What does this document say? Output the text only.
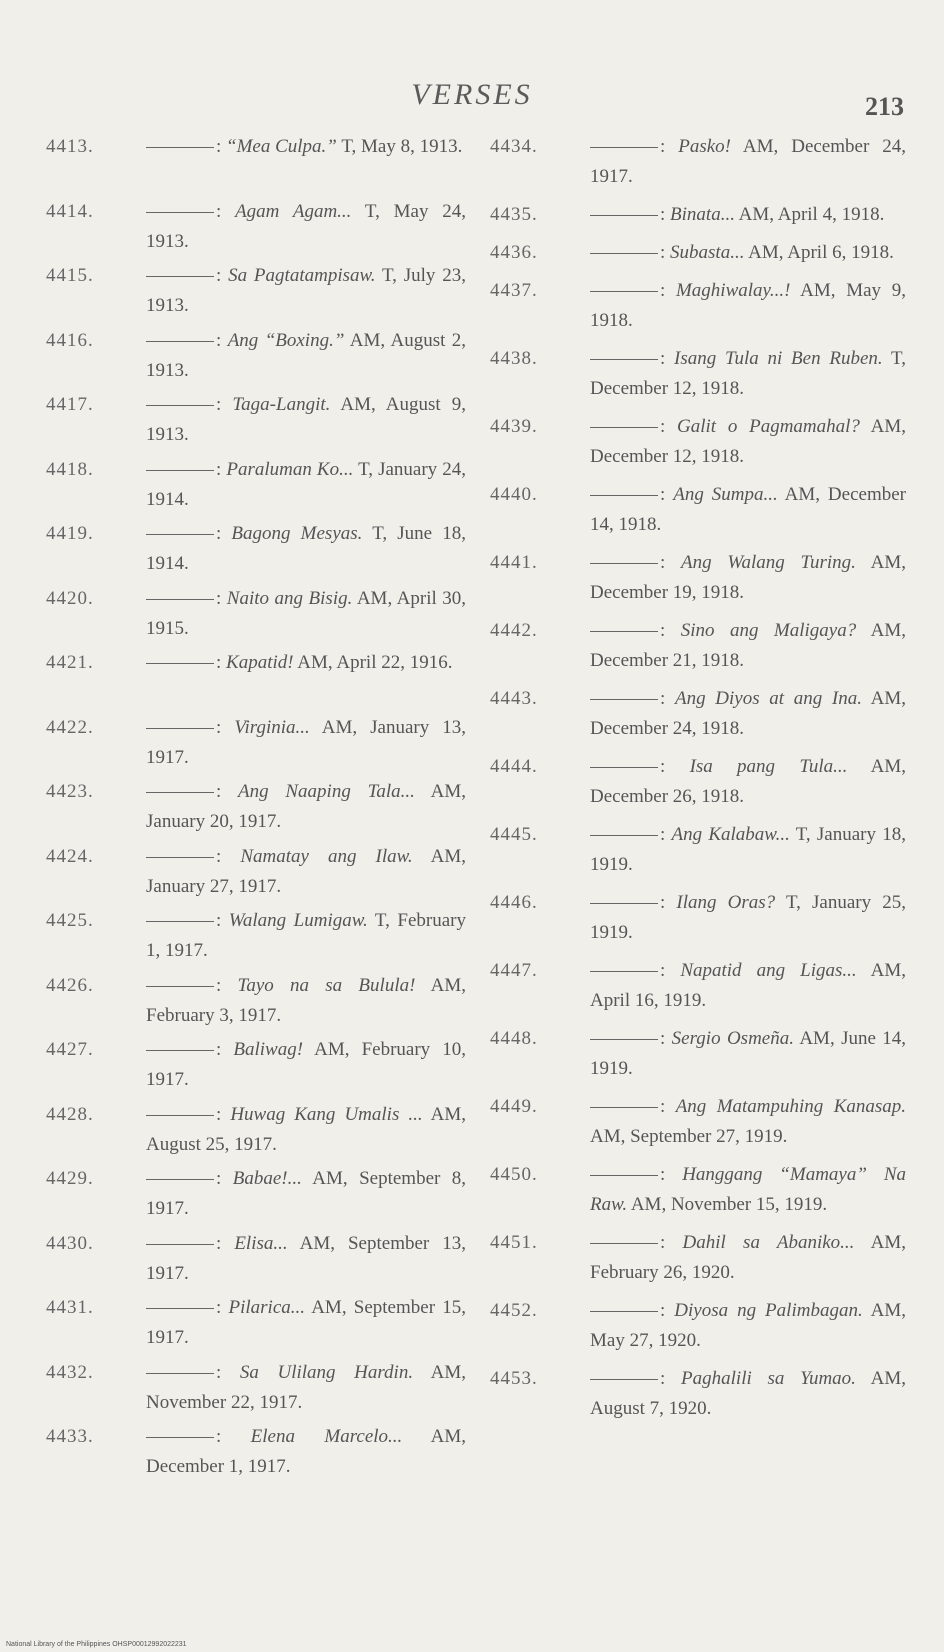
VERSES	213
4413.	: “Mea Culpa.” T, May 8, 1913.
4414.	: Agam Agam... T, May 24, 1913.
4415.	: Sa Pagtatampisaw. T, July 23, 1913.
4416.	: Ang “Boxing.” AM, August 2, 1913.
4417.	: Taga-Langit. AM, August 9, 1913.
4418.	: Paraluman Ko... T, January 24, 1914.
4419.	: Bagong Mesyas. T, June 18, 1914.
4420.	: Naito ang Bisig. AM, April 30, 1915.
4421.	: Kapatid! AM, April 22, 1916.
4422.	: Virginia... AM, January 13, 1917.
4423.	: Ang Naaping Tala... AM, January 20, 1917.
4424.	: Namatay ang Ilaw. AM, January 27, 1917.
4425.	: Walang Lumigaw. T, February 1, 1917.
4426.	: Tayo na sa Bulula! AM, February 3, 1917.
4427.	: Baliwag! AM, February 10, 1917.
4428.	: Huwag Kang Umalis ... AM, August 25, 1917.
4429.	: Babae!... AM, September 8, 1917.
4430.	: Elisa... AM, September 13, 1917.
4431.	: Pilarica... AM, September 15, 1917.
4432.	: Sa Ulilang Hardin. AM, November 22, 1917.
4433.	: Elena Marcelo... AM, December 1, 1917.
4434.	: Pasko! AM, December 24, 1917.
4435.	: Binata... AM, April 4, 1918.
4436.	: Subasta... AM, April 6, 1918.
4437.	: Maghiwalay...! AM, May 9, 1918.
4438.	: Isang Tula ni Ben Ruben. T, December 12, 1918.
4439.	: Galit o Pagmamahal? AM, December 12, 1918.
4440.	: Ang Sumpa... AM, December 14, 1918.
4441.	: Ang Walang Turing. AM, December 19, 1918.
4442.	: Sino ang Maligaya? AM, December 21, 1918.
4443.	: Ang Diyos at ang Ina. AM, December 24, 1918.
4444.	: Isa pang Tula... AM, December 26, 1918.
4445.	: Ang Kalabaw... T, January 18, 1919.
4446.	: Ilang Oras? T, January 25, 1919.
4447.	: Napatid ang Ligas... AM, April 16, 1919.
4448.	: Sergio Osmeña. AM, June 14, 1919.
4449.	: Ang Matampuhing Kanasap. AM, September 27, 1919.
4450.	: Hanggang “Mamaya” Na Raw. AM, November 15, 1919.
4451.	: Dahil sa Abaniko... AM, February 26, 1920.
4452.	: Diyosa ng Palimbagan. AM, May 27, 1920.
4453.	: Paghalili sa Yumao. AM, August 7, 1920.
National Library of the Philippines OHSP00012992022231
